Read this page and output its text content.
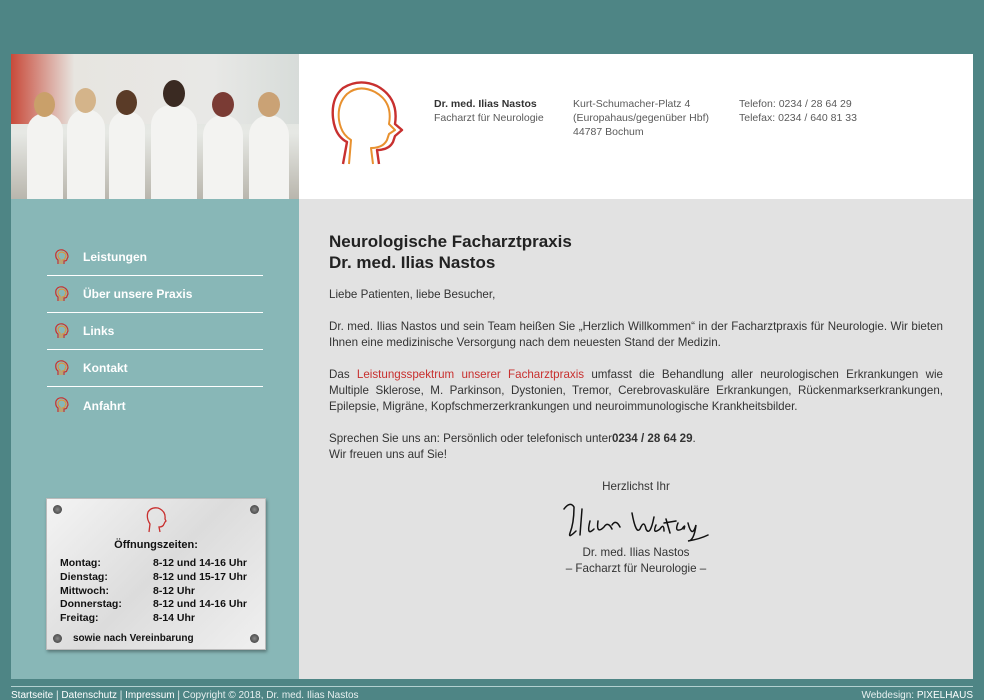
Dr. med. Ilias Nastos
Facharzt für Neurologie
Kurt-Schumacher-Platz 4
(Europahaus/gegenüber Hbf)
44787 Bochum
Telefon: 0234 / 28 64 29
Telefax: 0234 / 640 81 33
Leistungen
Über unsere Praxis
Links
Kontakt
Anfahrt
Öffnungszeiten:
Montag:	8-12 und 14-16 Uhr
Dienstag:	8-12 und 15-17 Uhr
Mittwoch:	8-12 Uhr
Donnerstag:	8-12 und 14-16 Uhr
Freitag:	8-14 Uhr
sowie nach Vereinbarung
Neurologische Facharztpraxis
Dr. med. Ilias Nastos

Liebe Patienten, liebe Besucher,

Dr. med. Ilias Nastos und sein Team heißen Sie „Herzlich Willkommen“ in der Facharztpraxis für Neurologie. Wir bieten Ihnen eine medizinische Versorgung nach dem neuesten Stand der Medizin.

Das Leistungsspektrum unserer Facharztpraxis umfasst die Behandlung aller neurologischen Erkrankungen wie Multiple Sklerose, M. Parkinson, Dystonien, Tremor, Cerebrovaskuläre Erkrankungen, Rückenmarkserkrankungen, Epilepsie, Migräne, Kopfschmerzerkrankungen und neuroimmunologische Krankheitsbilder.

Sprechen Sie uns an: Persönlich oder telefonisch unter0234 / 28 64 29.
Wir freuen uns auf Sie!

Herzlichst Ihr

Dr. med. Ilias Nastos

– Facharzt für Neurologie –

Startseite | Datenschutz | Impressum | Copyright © 2018, Dr. med. Ilias Nastos	Webdesign: PIXELHAUS
